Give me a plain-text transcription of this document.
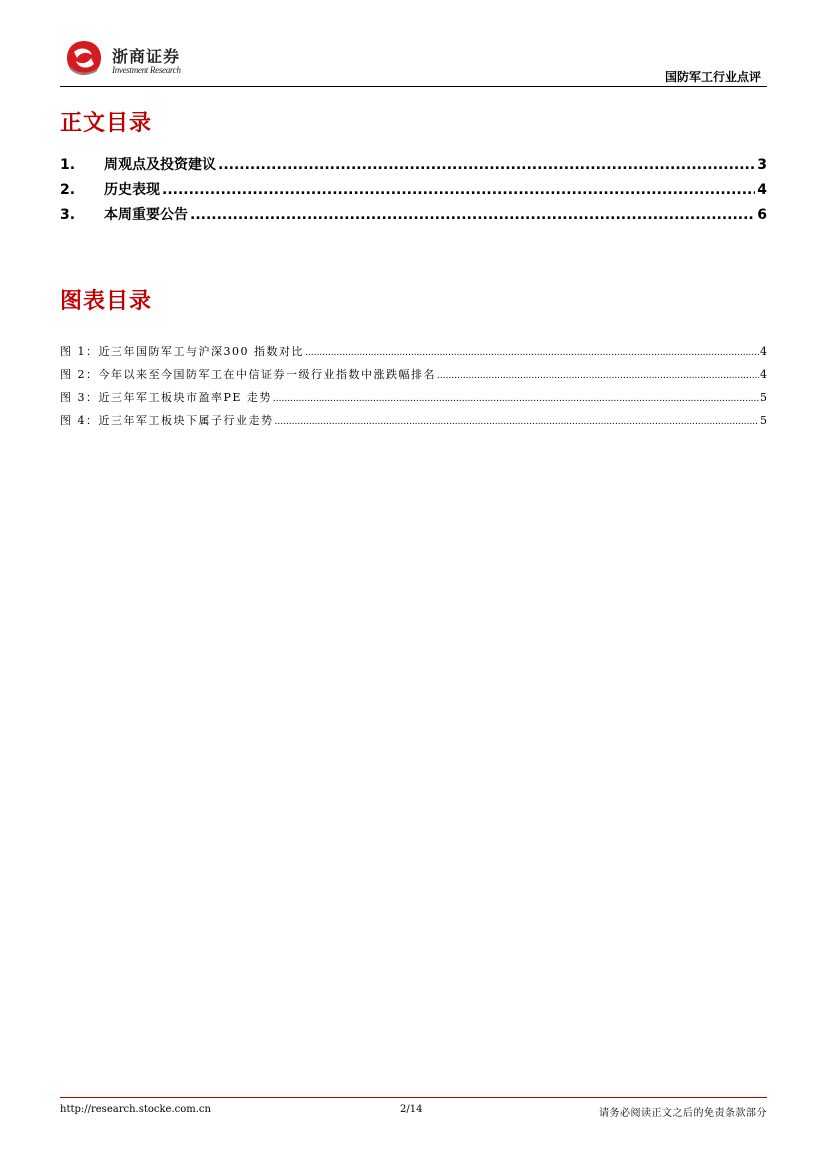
浙商证券
Investment Research	国防军工行业点评
正文目录
1.	周观点及投资建议 .....	3
2.	历史表现 .....	4
3.	本周重要公告 .....	6
图表目录
图 1：近三年国防军工与沪深300 指数对比 .....	4
图 2：今年以来至今国防军工在中信证券一级行业指数中涨跌幅排名 .....	4
图 3：近三年军工板块市盈率PE 走势 .....	5
图 4：近三年军工板块下属子行业走势 .....	5
http://research.stocke.com.cn	2/14	请务必阅读正文之后的免责条款部分
